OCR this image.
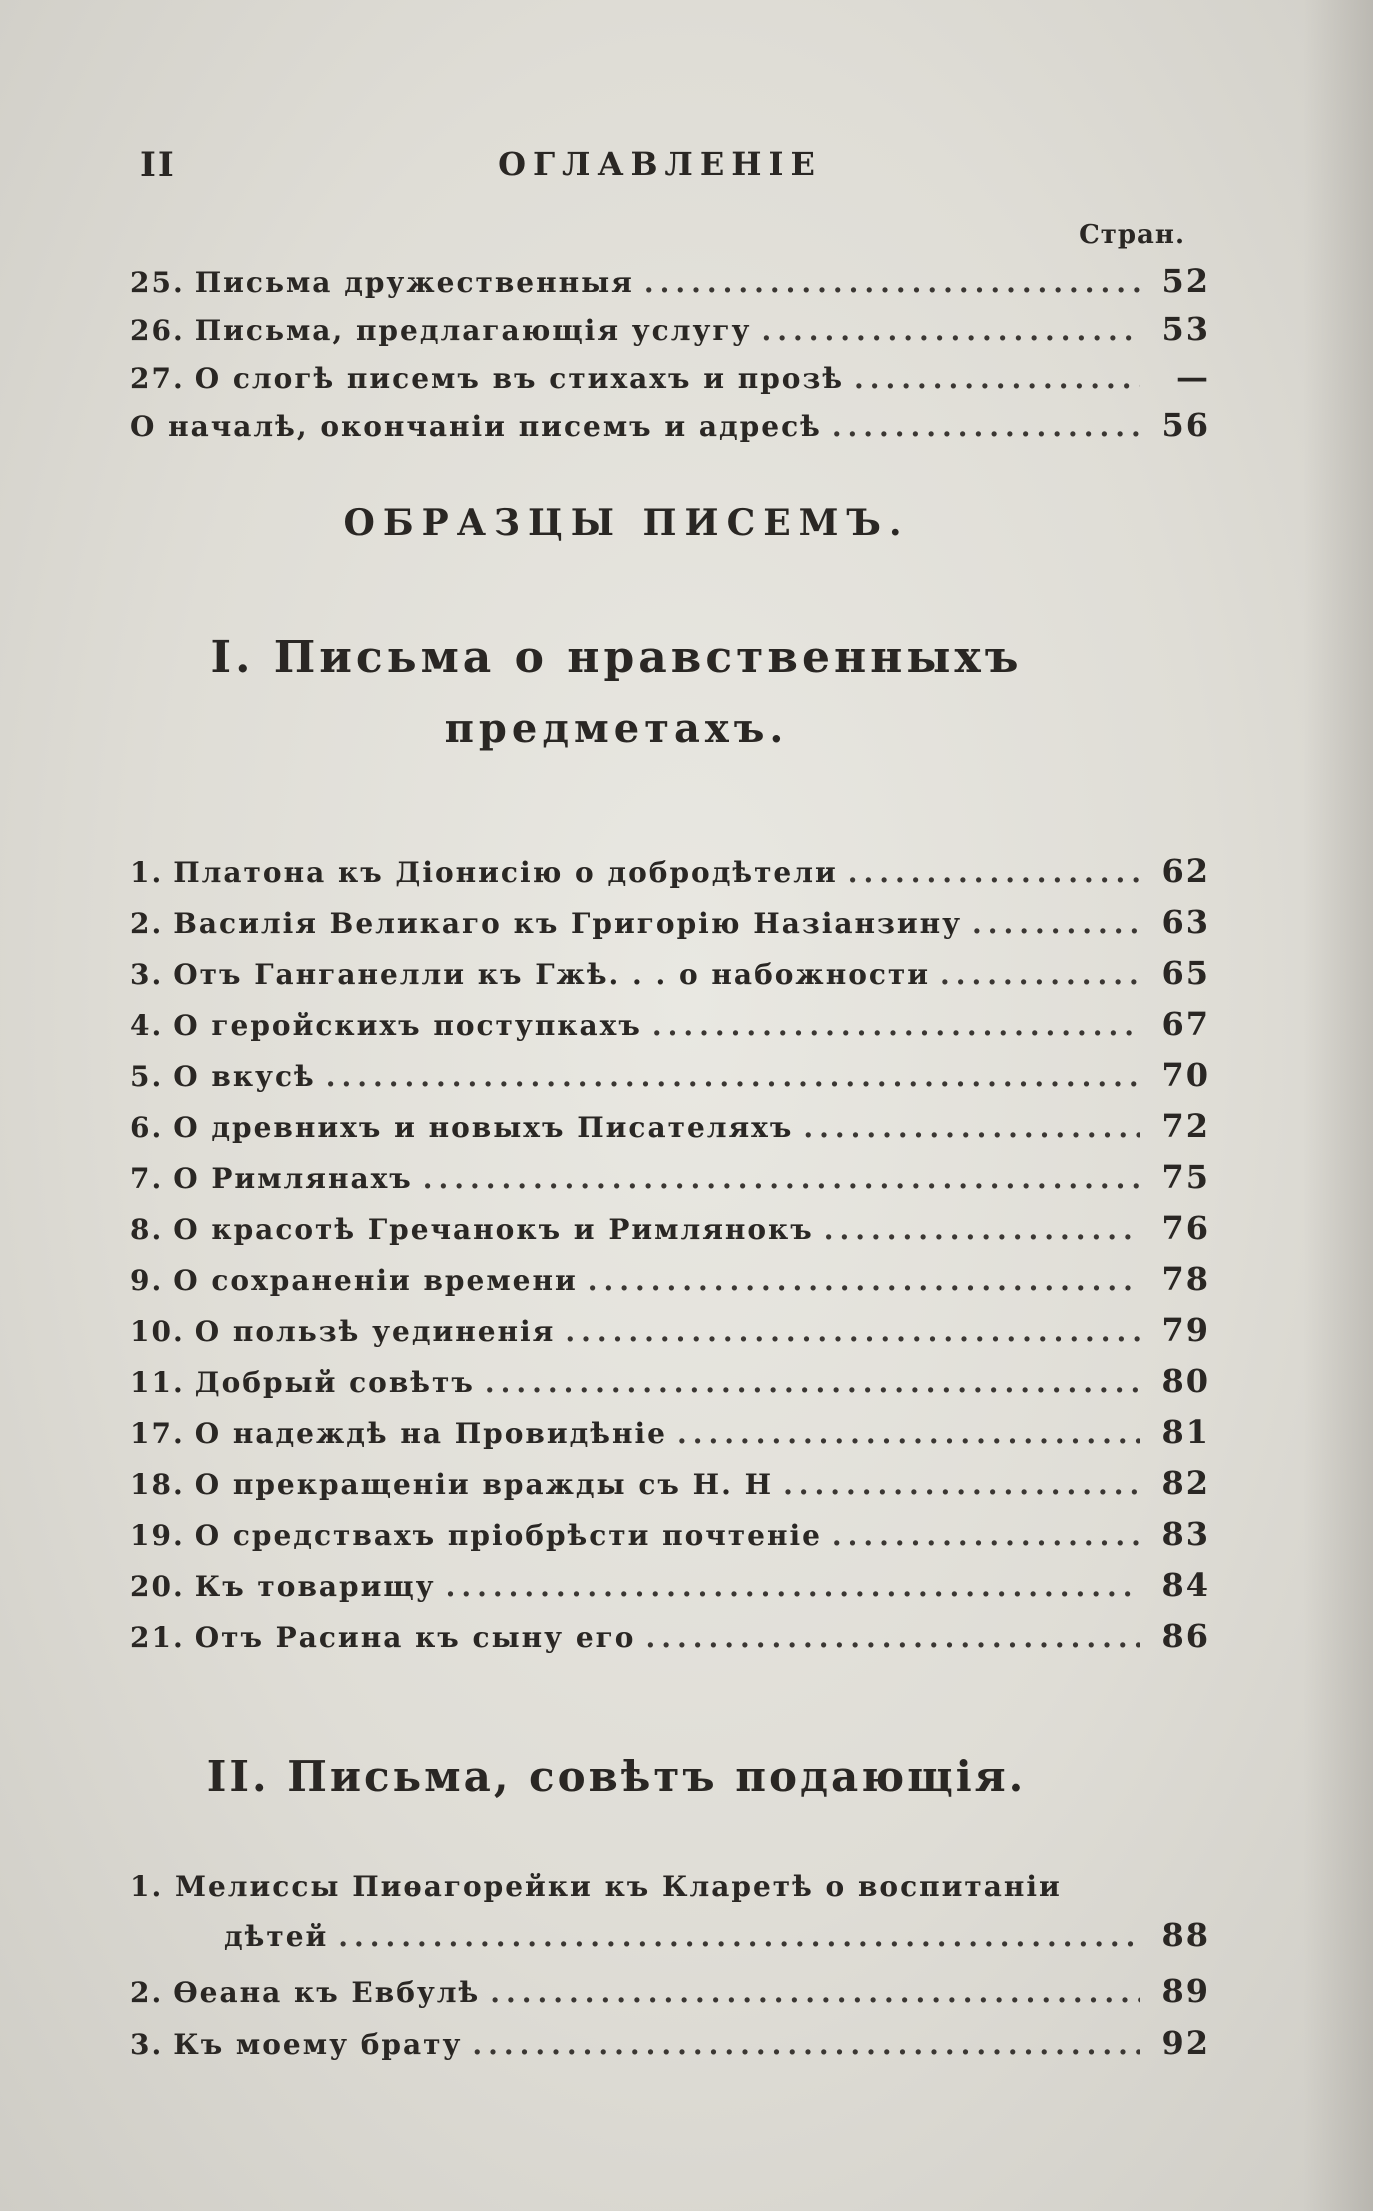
II	ОГЛАВЛЕНIЕ
Стран.
25. Письма дружественныя .....	52
26. Письма, предлагающiя услугу .....	53
27. О слогѣ писемъ въ стихахъ и прозѣ .....	—
О началѣ, окончанiи писемъ и адресѣ .....	56
ОБРАЗЦЫ ПИСЕМЪ.
I. Письма о нравственныхъ
предметахъ.
1. Платона къ Дiонисiю о добродѣтели .....	62
2. Василiя Великаго къ Григорiю Назiанзину .....	63
3. Отъ Ганганелли къ Гжѣ. . . о набожности .....	65
4. О геройскихъ поступкахъ .....	67
5. О вкусѣ .....	70
6. О древнихъ и новыхъ Писателяхъ .....	72
7. О Римлянахъ .....	75
8. О красотѣ Гречанокъ и Римлянокъ .....	76
9. О сохраненiи времени .....	78
10. О пользѣ уединенiя .....	79
11. Добрый совѣтъ .....	80
17. О надеждѣ на Провидѣнiе .....	81
18. О прекращенiи вражды съ Н. Н .....	82
19. О средствахъ прiобрѣсти почтенiе .....	83
20. Къ товарищу .....	84
21. Отъ Расина къ сыну его .....	86
II. Письма, совѣтъ подающiя.
1. Мелиссы Пиѳагорейки къ Кларетѣ о воспитанiи
дѣтей .....	88
2. Ѳеана къ Евбулѣ .....	89
3. Къ моему брату .....	92
